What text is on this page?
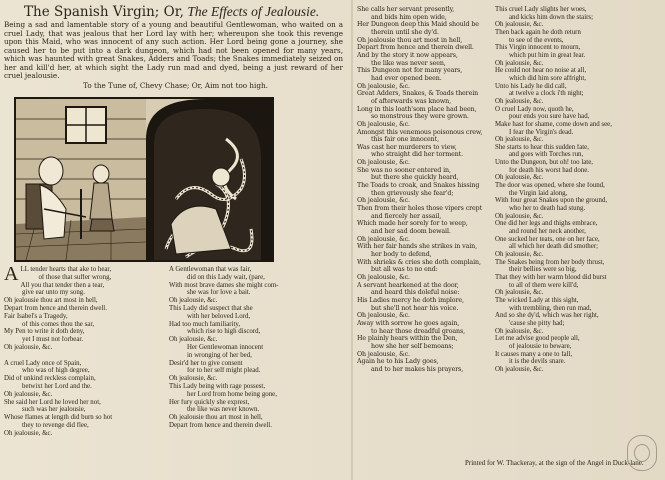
The Spanish Virgin; Or, The Effects of Jealousie.
Being a sad and lamentable story of a young and beautiful Gentlewoman, who waited on a cruel Lady, that was jealous that her Lord lay with her; whereupon she took this revenge upon this Maid, who was innocent of any such action. Her Lord being gone a journey, she caused her to be put into a dark dungeon, which had not been opened for many years, which was haunted with great Snakes, Adders and Toads; the Snakes immediately seized on her and kill'd her, at which sight the Lady run mad and dyed, being a just reward of her cruel jealousie.
To the Tune of, Chevy Chase; Or, Aim not too high.
A LL tender hearts that ake to hear,
of those that suffer wrong,
All you that tender then a tear,
give ear unto my song.
Oh jealousie thou art most in hell,
Depart from hence and therein dwell.
Fair Isabel's a Tragedy,
of this comes thou the sar,
My Pen to write it doth deny,
yet I must not forbear.
Oh jealousie, &c.

A cruel Lady once of Spain,
who was of high degree,
Did of unkind reckless complain,
betwixt her Lord and the.
Oh jealousie, &c.
She said her Lord he loved her not,
such was her jealousie,
Whose flames at length did burn so hot
they to revenge did flee,
Oh jealousie, &c.
A Gentlewoman that was fair,
did on this Lady wait, (pare,
With most brave dames she might com-
she was for love a bait.
Oh jealousie, &c.
This Lady did suspect that she
with her beloved Lord,
Had too much familiarity,
which rise to high discord,
Oh jealousie, &c.
Her Gentlewoman innocent
in wronging of her bed,
Desir'd her to give consent
for to her self might plead.
Oh jealousie, &c.
This Lady being with rage possest,
her Lord from home being gone,
Her fury quickly she exprest,
the like was never known.
Oh jealousie thou art most in hell,
Depart from hence and therein dwell.
She calls her servant presently,
and bids him open wide,
Her Dungeon deep this Maid should be
therein until she dy'd.
Oh jealousie thou art most in hell,
Depart from hence and therein dwell.
And by the story it now appears,
the like was never seen,
This Dungeon not for many years,
had ever opened been.
Oh jealousie, &c.
Great Adders, Snakes, & Toads therein
of afterwards was known,
Long in this loath'som place had been,
so monstrous they were grown.
Oh jealousie, &c.
Amongst this venemous poisonous crew,
this fair one innocent,
Was cast her murderers to view,
who straight did her torment.
Oh jealousie, &c.
She was no sooner entered in,
but there she quickly heard,
The Toads to croak, and Snakes hissing
then grievously she fear'd;
Oh jealousie, &c.
Then from their holes those vipers crept
and fiercely her assail,
Which made her sorely for to weep,
and her sad doom bewail.
Oh jealousie, &c.
With her fair hands she strikes in vain,
her body to defend,
With shrieks & cries she doth complain,
but all was to no end:
Oh jealousie, &c.
A servant hearkened at the door,
and heard this doleful noise:
His Ladies mercy he doth implore,
but she'll not hear his voice.
Oh jealousie, &c.
Away with sorrow he goes again,
to hear those dreadful groans,
He plainly hears within the Den,
how she her self bemoans;
Oh jealousie, &c.
Again he to his Lady goes,
and to her makes his prayers,
This cruel Lady slights her woes,
and kicks him down the stairs;
Oh jealousie, &c.
Then back again he doth return
to see of the events,
This Virgin innocent to mourn,
which put him in great fear.
Oh jealousie, &c.
He could not hear no noise at all,
which did him sore affright,
Unto his Lady he did call,
at twelve a clock i'th night;
Oh jealousie, &c.
O cruel Lady now, quoth he,
pour ends you sure have had,
Make hast for shame, come down and see,
I fear the Virgin's dead.
Oh jealousie, &c.
She starts to hear this sudden fate,
and goes with Torches run,
Unto the Dungeon, but oh! too late,
for death his worst had done.
Oh jealousie, &c.
The door was opened, where she found,
the Virgin laid along,
With four great Snakes upon the ground,
who her to death had stung.
Oh jealousie, &c.
One did her legs and thighs embrace,
and round her neck another,
One sucked her teats, one on her face,
all which her death did smother;
Oh jealousie, &c.
The Snakes being from her body thrust,
their bellies were so big,
That they with her warm blood did burst
to all of them were kill'd,
Oh jealousie, &c.
The wicked Lady at this sight,
with trembling, then run mad,
And so she dy'd, which was her right,
'cause she pitty had;
Oh jealousie, &c.
Let me advise good people all,
of jealousie to beware,
It causes many a one to fall,
it is the devils snare.
Oh jealousie, &c.
Printed for W. Thackeray, at the sign of the Angel in Duck-lane.
